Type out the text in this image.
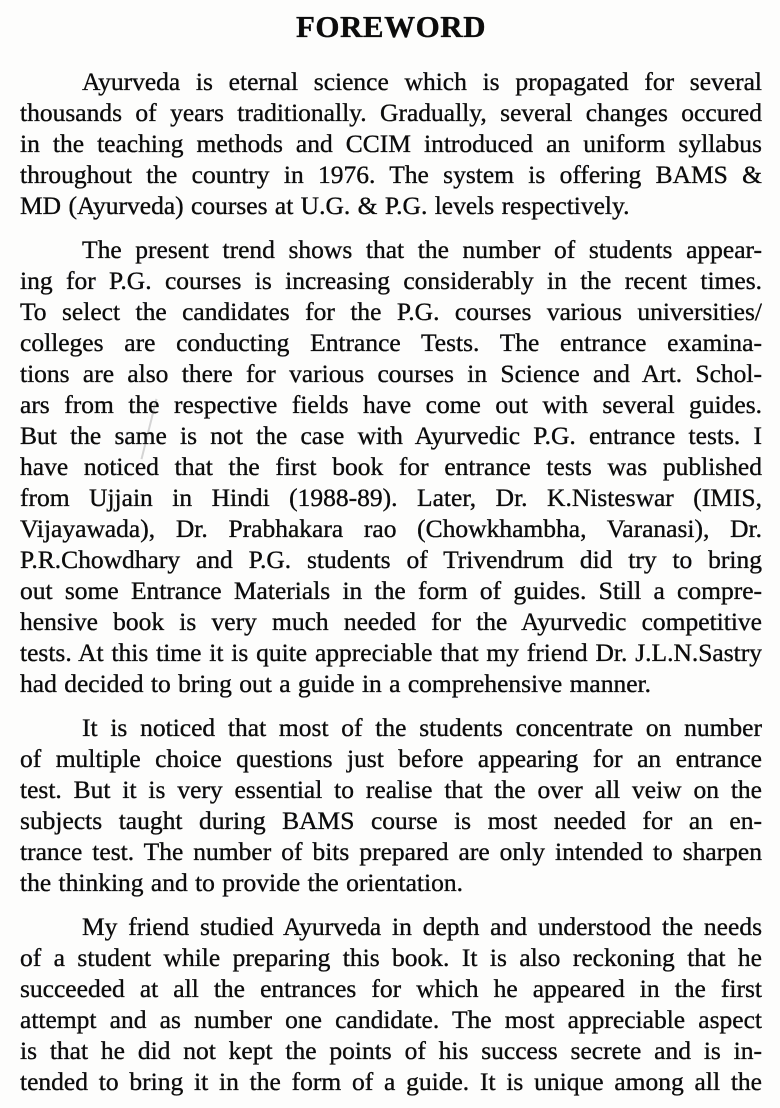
FOREWORD
Ayurveda is eternal science which is propagated for several
thousands of years traditionally. Gradually, several changes occured
in the teaching methods and CCIM introduced an uniform syllabus
throughout the country in 1976. The system is offering BAMS &
MD (Ayurveda) courses at U.G. & P.G. levels respectively.
The present trend shows that the number of students appear-
ing for P.G. courses is increasing considerably in the recent times.
To select the candidates for the P.G. courses various universities/
colleges are conducting Entrance Tests. The entrance examina-
tions are also there for various courses in Science and Art. Schol-
ars from the respective fields have come out with several guides.
But the same is not the case with Ayurvedic P.G. entrance tests. I
have noticed that the first book for entrance tests was published
from Ujjain in Hindi (1988-89). Later, Dr. K.Nisteswar (IMIS,
Vijayawada), Dr. Prabhakara rao (Chowkhambha, Varanasi), Dr.
P.R.Chowdhary and P.G. students of Trivendrum did try to bring
out some Entrance Materials in the form of guides. Still a compre-
hensive book is very much needed for the Ayurvedic competitive
tests. At this time it is quite appreciable that my friend Dr. J.L.N.Sastry
had decided to bring out a guide in a comprehensive manner.
It is noticed that most of the students concentrate on number
of multiple choice questions just before appearing for an entrance
test. But it is very essential to realise that the over all veiw on the
subjects taught during BAMS course is most needed for an en-
trance test. The number of bits prepared are only intended to sharpen
the thinking and to provide the orientation.
My friend studied Ayurveda in depth and understood the needs
of a student while preparing this book. It is also reckoning that he
succeeded at all the entrances for which he appeared in the first
attempt and as number one candidate. The most appreciable aspect
is that he did not kept the points of his success secrete and is in-
tended to bring it in the form of a guide. It is unique among all the
